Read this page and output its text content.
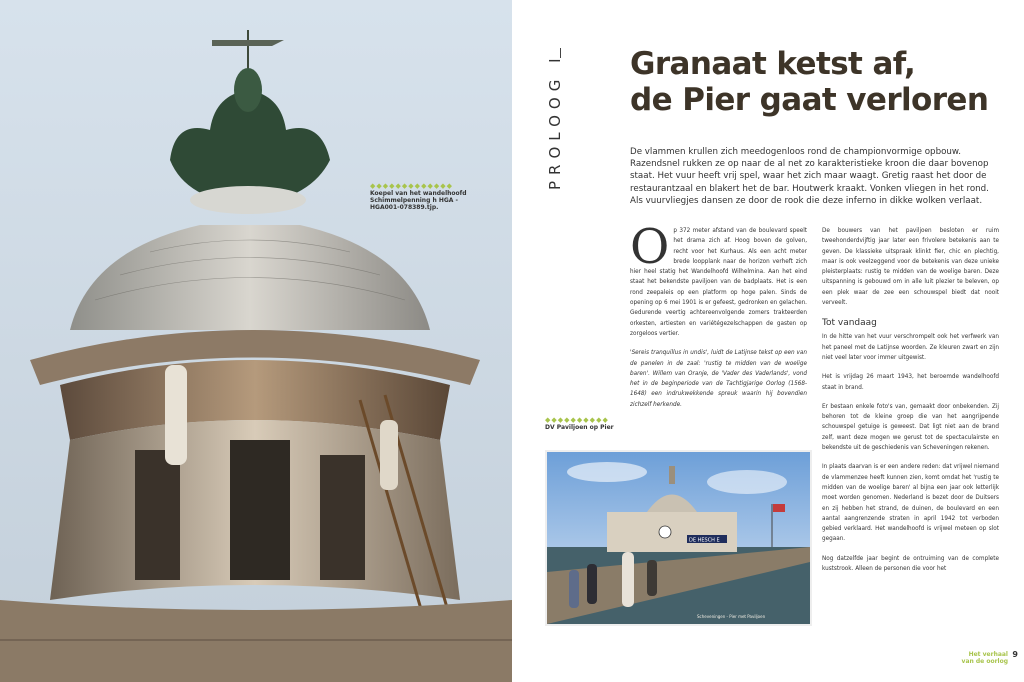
◆◆◆◆◆◆◆◆◆◆◆◆◆
Koepel van het wandelhoofd Schimmelpenning h HGA - HGA001-078389.tjp.
PROLOOG I Granaat ketst af,
de Pier gaat verloren
De vlammen krullen zich meedogenloos rond de championvormige opbouw. Razendsnel rukken ze op naar de al net zo karakteristieke kroon die daar bovenop staat. Het vuur heeft vrij spel, waar het zich maar waagt. Gretig raast het door de restaurantzaal en blakert het de bar. Houtwerk kraakt. Vonken vliegen in het rond. Als vuurvliegjes dansen ze door de rook die deze inferno in dikke wolken verlaat.

Op 372 meter afstand van de boulevard speelt het drama zich af. Hoog boven de golven, recht voor het Kurhaus. Als een acht meter brede loopplank naar de horizon verheft zich hier heel statig het Wandelhoofd Wilhelmina. Aan het eind staat het bekendste paviljoen van de badplaats. Het is een rond zeepaleis op een platform op hoge palen. Sinds de opening op 6 mei 1901 is er gefeest, gedronken en gelachen. Gedurende veertig achtereenvolgende zomers trakteerden orkesten, artiesten en variétégezelschappen de gasten op zorgeloos vertier.

'Sereis tranquillus in undis', luidt de Latijnse tekst op een van de panelen in de zaal: 'rustig te midden van de woelige baren'. Willem van Oranje, de 'Vader des Vaderlands', vond het in de beginperiode van de Tachtigjarige Oorlog (1568-1648) een indrukwekkende spreuk waarin hij bovendien zichzelf herkende.

◆◆◆◆◆◆◆◆◆◆
DV Paviljoen op Pier
DE HESCH E
Scheveningen - Pier met Paviljoen

De bouwers van het paviljoen besloten er ruim tweehonderdvijftig jaar later een frivolere betekenis aan te geven. De klassieke uitspraak klinkt fier, chic en plechtig, maar is ook veelzeggend voor de betekenis van deze unieke pleisterplaats: rustig te midden van de woelige baren. Deze uitspanning is gebouwd om in alle luit plezier te beleven, op een plek waar de zee een schouwspel biedt dat nooit verveelt.

Tot vandaag

In de hitte van het vuur verschrompelt ook het verfwerk van het paneel met de Latijnse woorden. Ze kleuren zwart en zijn niet veel later voor immer uitgewist.

Het is vrijdag 26 maart 1943, het beroemde wandelhoofd staat in brand.

Er bestaan enkele foto's van, gemaakt door onbekenden. Zij behoren tot de kleine groep die van het aangrijpende schouwspel getuige is geweest. Dat ligt niet aan de brand zelf, want deze mogen we gerust tot de spectaculairste en bekendste uit de geschiedenis van Scheveningen rekenen.

In plaats daarvan is er een andere reden: dat vrijwel niemand de vlammenzee heeft kunnen zien, komt omdat het 'rustig te midden van de woelige baren' al bijna een jaar ook letterlijk moet worden genomen. Nederland is bezet door de Duitsers en zij hebben het strand, de duinen, de boulevard en een aantal aangrenzende straten in april 1942 tot verboden gebied verklaard. Het wandelhoofd is vrijwel meteen op slot gegaan.

Nog datzelfde jaar begint de ontruiming van de complete kuststrook. Alleen de personen die voor het

Het verhaal
van de oorlog
9
